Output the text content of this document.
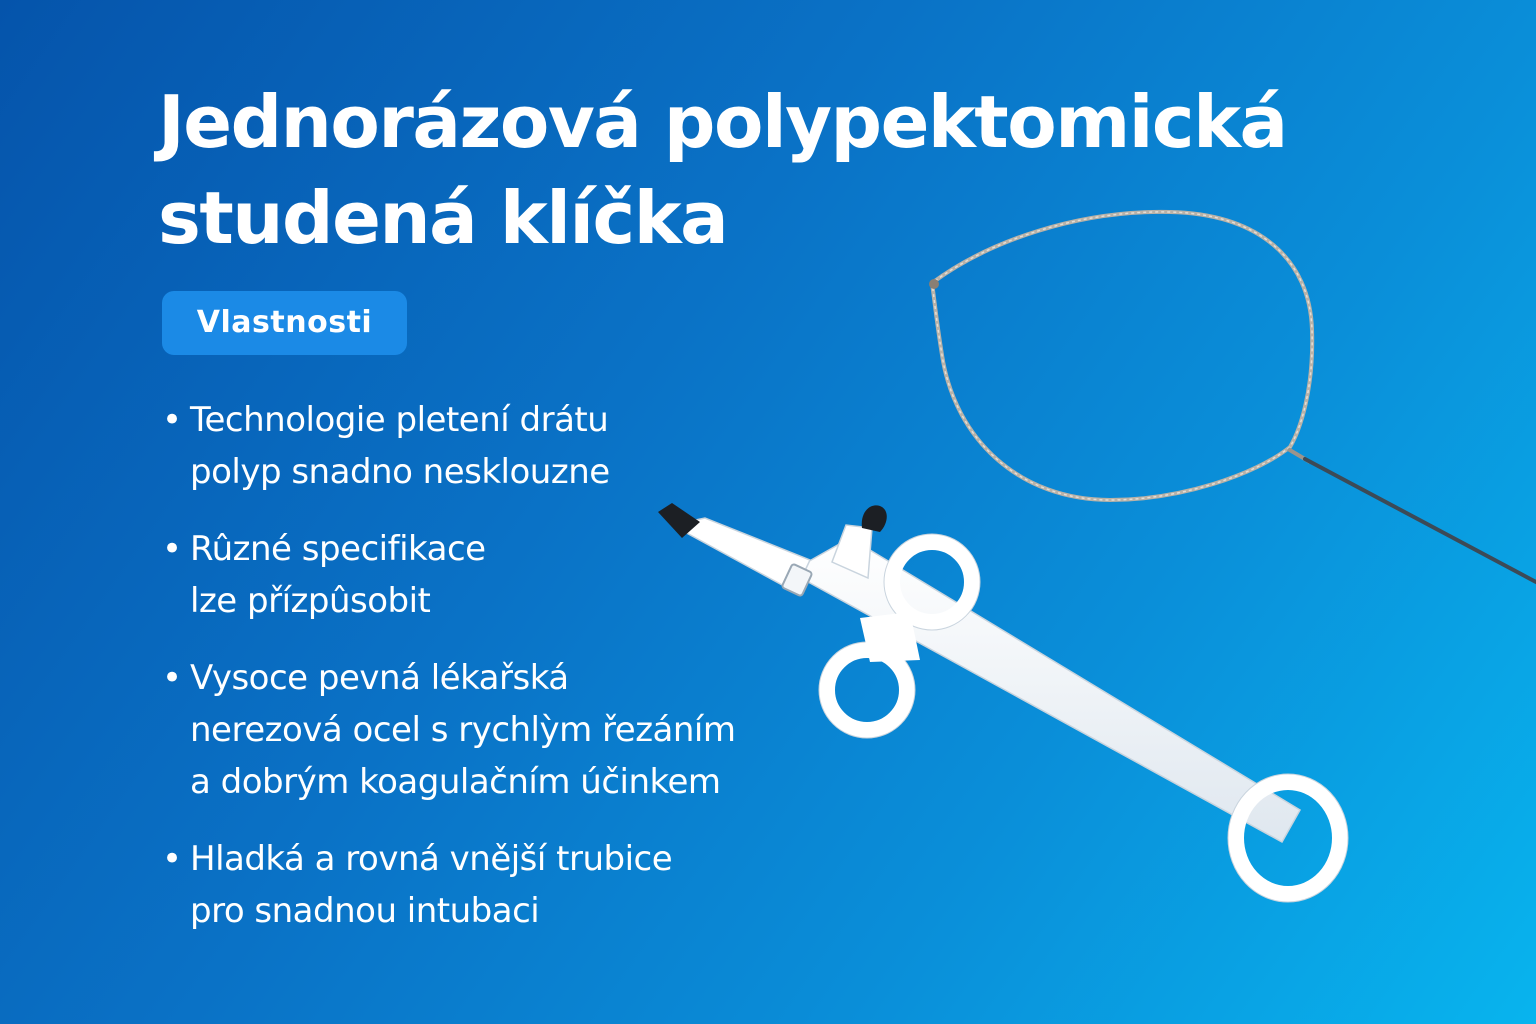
Jednorázová polypektomická
studená klíčka
Vlastnosti
• Technologie pletení drátu
polyp snadno nesklouzne
• Rûzné specifikace
lze přízpûsobit
• Vysoce pevná lékařská
nerezová ocel s rychlỳm řezáním
a dobrým koagulačním účinkem
• Hladká a rovná vnější trubice
pro snadnou intubaci
